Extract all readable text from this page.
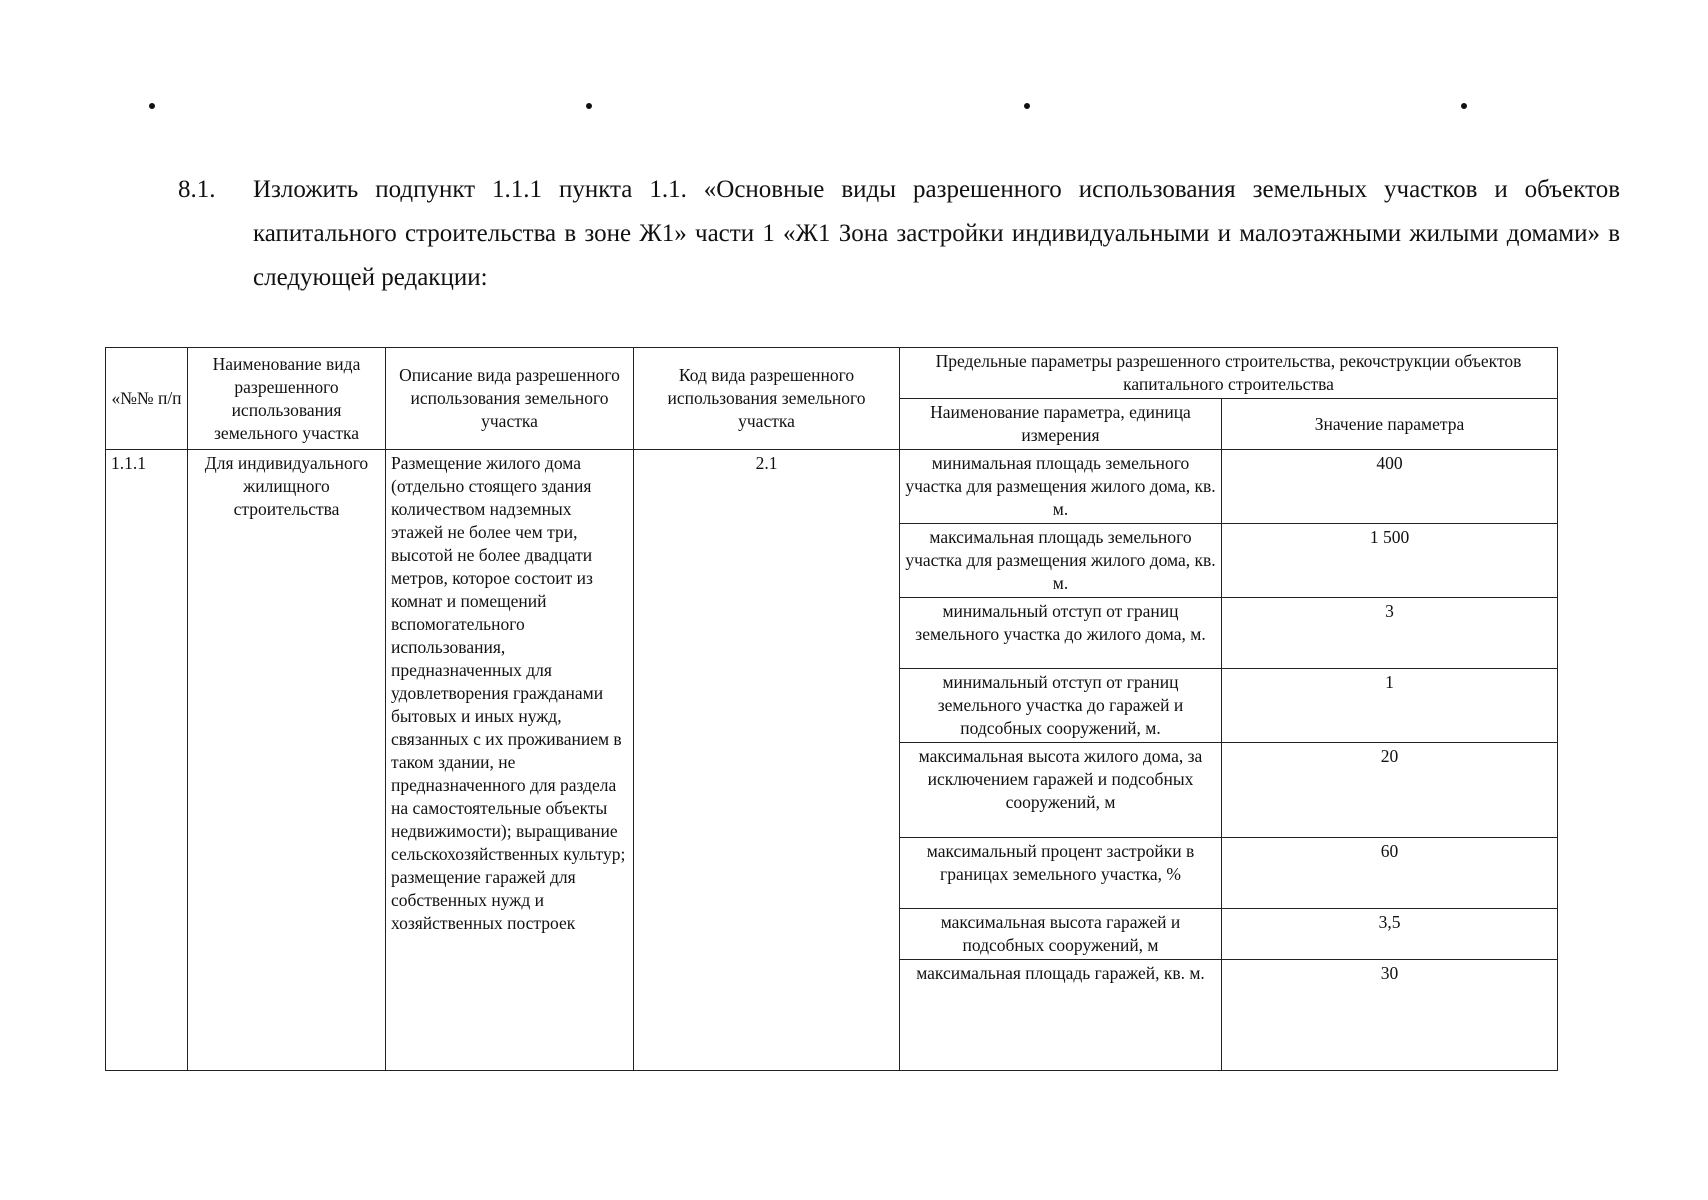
8.1. Изложить подпункт 1.1.1 пункта 1.1. «Основные виды разрешенного использования земельных участков и объектов капитального строительства в зоне Ж1» части 1 «Ж1 Зона застройки индивидуальными и малоэтажными жилыми домами» в следующей редакции:
«№№ п/п	Наименование вида разрешенного использования земельного участка	Описание вида разрешенного использования земельного участка	Код вида разрешенного использования земельного участка	Предельные параметры разрешенного строительства, рекочструкции объектов капитального строительства	
				Наименование параметра, единица измерения	Значение параметра
1.1.1	Для индивидуального жилищного строительства	Размещение жилого дома (отдельно стоящего здания количеством надземных этажей не более чем три, высотой не более двадцати метров, которое состоит из комнат и помещений вспомогательного использования, предназначенных для удовлетворения гражданами бытовых и иных нужд, связанных с их проживанием в таком здании, не предназначенного для раздела на самостоятельные объекты недвижимости); выращивание сельскохозяйственных культур; размещение гаражей для собственных нужд и хозяйственных построек	2.1	минимальная площадь земельного участка для размещения жилого дома, кв. м.	400
				максимальная площадь земельного участка для размещения жилого дома, кв. м.	1 500
				минимальный отступ от границ земельного участка до жилого дома, м.	3
				минимальный отступ от границ земельного участка до гаражей и подсобных сооружений, м.	1
				максимальная высота жилого дома, за исключением гаражей и подсобных сооружений, м	20
				максимальный процент застройки в границах земельного участка, %	60
				максимальная высота гаражей и подсобных сооружений, м	3,5
				максимальная площадь гаражей, кв. м.	30
